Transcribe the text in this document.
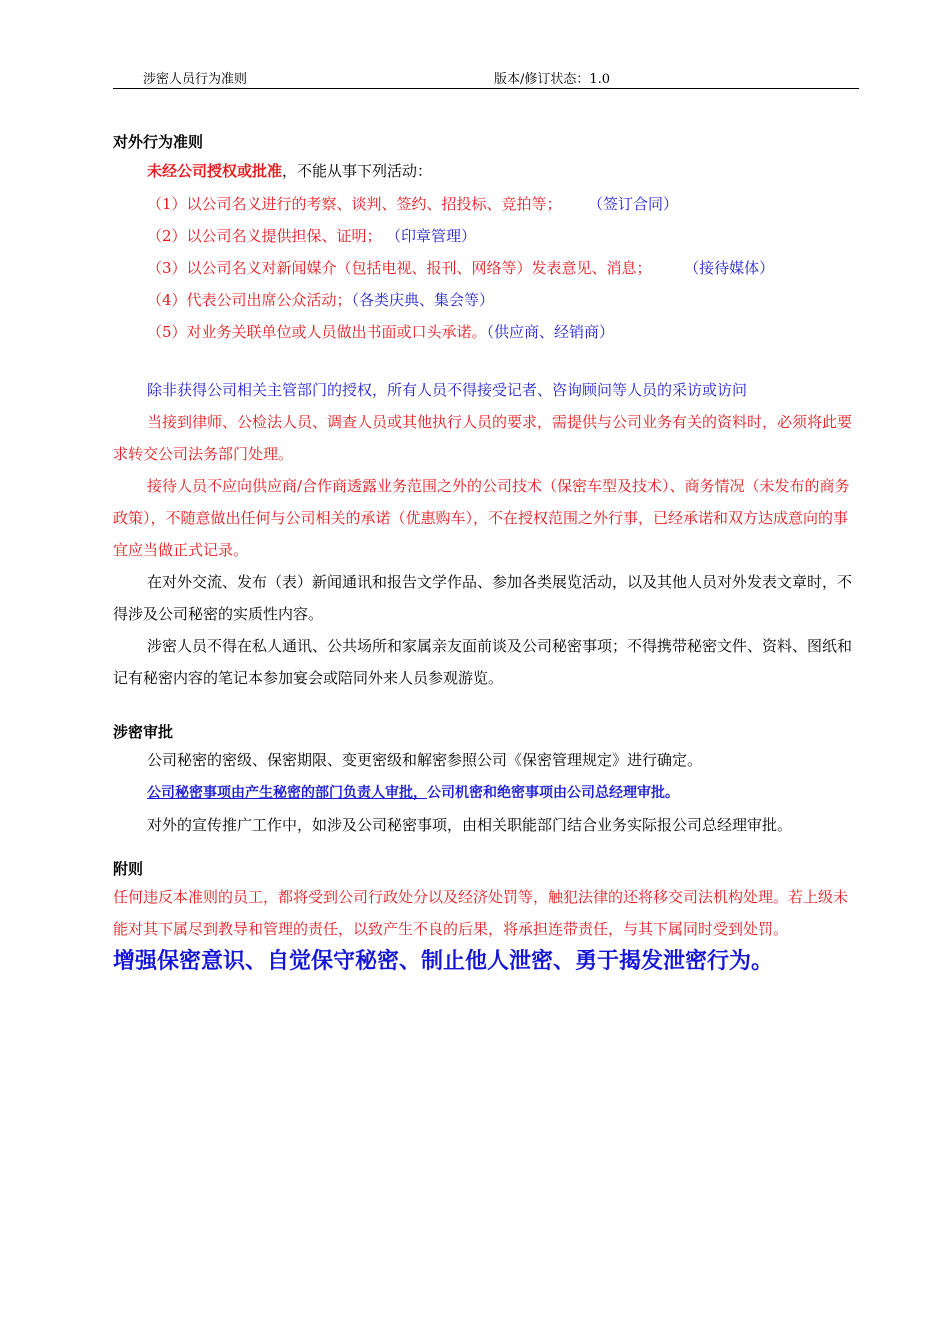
涉密人员行为准则	版本/修订状态：1.0

对外行为准则

未经公司授权或批准，不能从事下列活动：

（1）以公司名义进行的考察、谈判、签约、招投标、竞拍等； （签订合同）

（2）以公司名义提供担保、证明； （印章管理）

（3）以公司名义对新闻媒介（包括电视、报刊、网络等）发表意见、消息；	（接待媒体）

（4）代表公司出席公众活动；（各类庆典、集会等）

（5）对业务关联单位或人员做出书面或口头承诺。（供应商、经销商）

除非获得公司相关主管部门的授权，所有人员不得接受记者、咨询顾问等人员的采访或访问

当接到律师、公检法人员、调查人员或其他执行人员的要求，需提供与公司业务有关的资料时，必须将此要求转交公司法务部门处理。

接待人员不应向供应商/合作商透露业务范围之外的公司技术（保密车型及技术）、商务情况（未发布的商务政策），不随意做出任何与公司相关的承诺（优惠购车），不在授权范围之外行事，已经承诺和双方达成意向的事宜应当做正式记录。

在对外交流、发布（表）新闻通讯和报告文学作品、参加各类展览活动，以及其他人员对外发表文章时，不得涉及公司秘密的实质性内容。

涉密人员不得在私人通讯、公共场所和家属亲友面前谈及公司秘密事项；不得携带秘密文件、资料、图纸和记有秘密内容的笔记本参加宴会或陪同外来人员参观游览。

涉密审批

公司秘密的密级、保密期限、变更密级和解密参照公司《保密管理规定》进行确定。

公司秘密事项由产生秘密的部门负责人审批，公司机密和绝密事项由公司总经理审批。

对外的宣传推广工作中，如涉及公司秘密事项，由相关职能部门结合业务实际报公司总经理审批。

附则

任何违反本准则的员工，都将受到公司行政处分以及经济处罚等，触犯法律的还将移交司法机构处理。若上级未能对其下属尽到教导和管理的责任，以致产生不良的后果，将承担连带责任，与其下属同时受到处罚。

增强保密意识、自觉保守秘密、制止他人泄密、勇于揭发泄密行为。
